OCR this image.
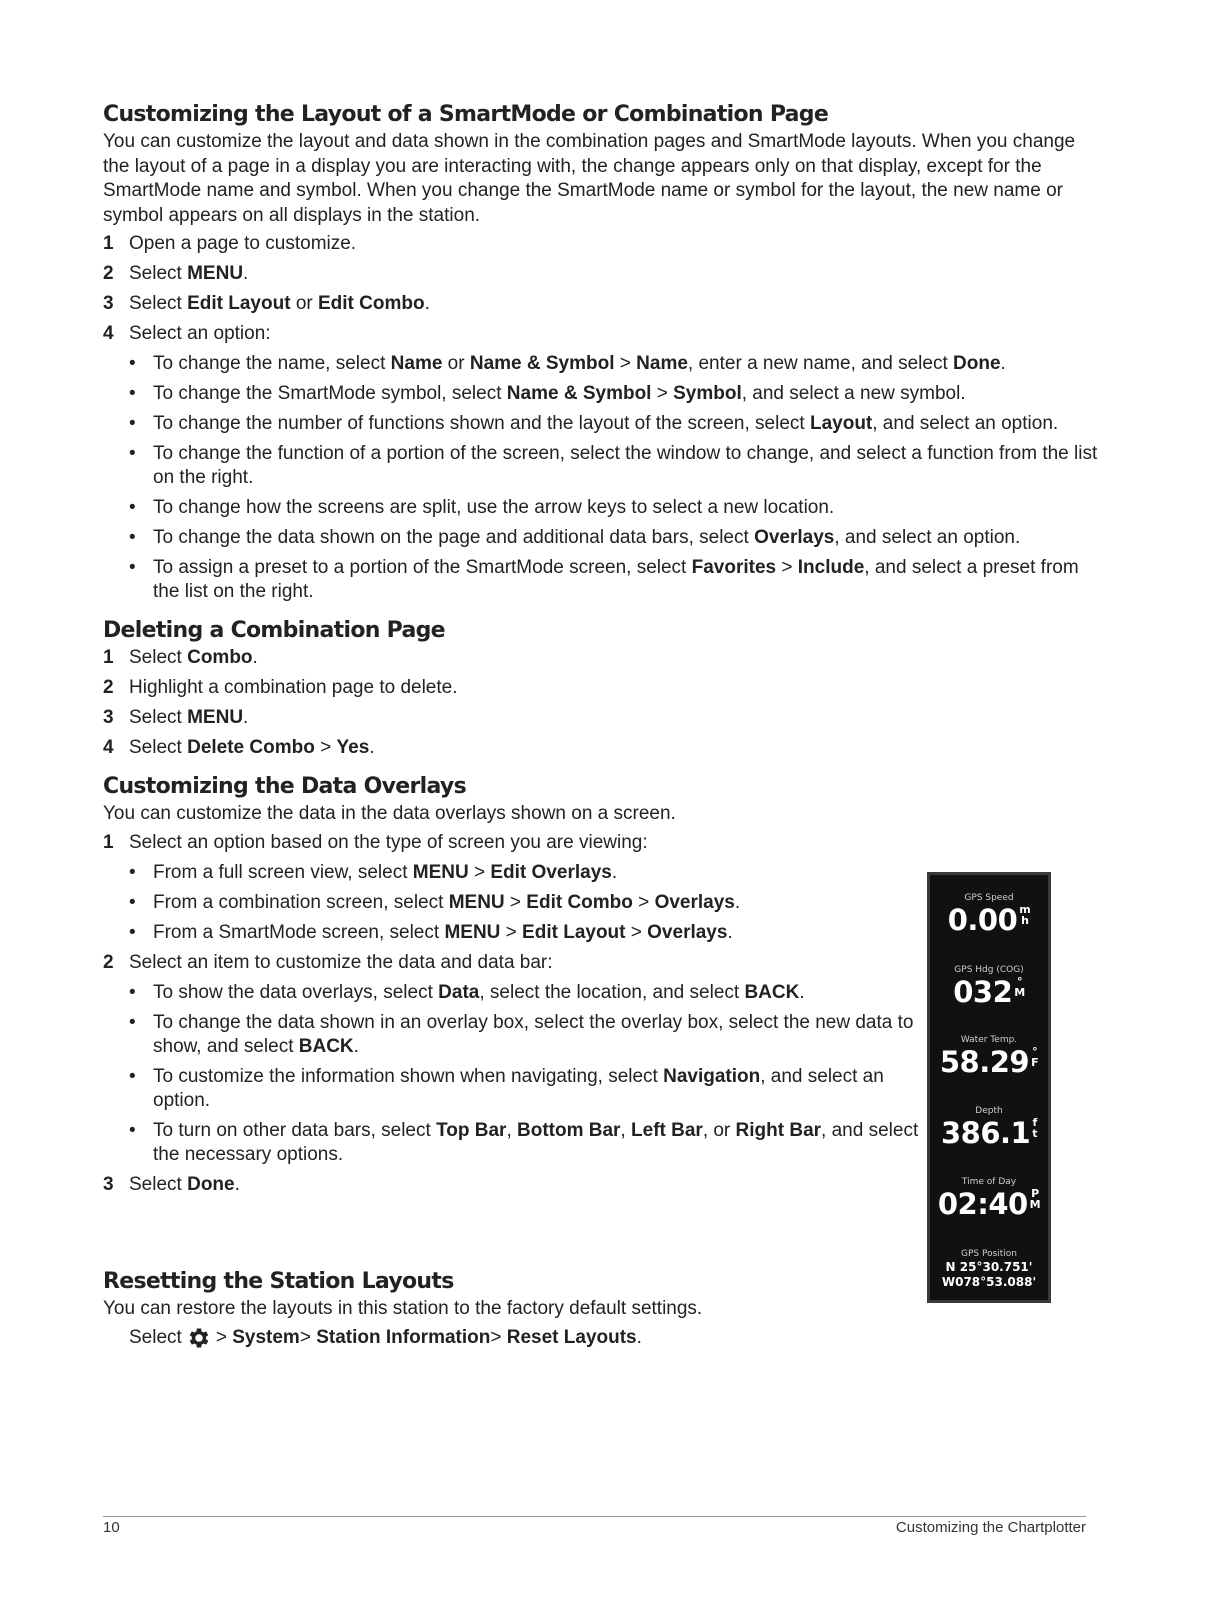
Customizing the Layout of a SmartMode or Combination Page

You can customize the layout and data shown in the combination pages and SmartMode layouts. When you change the layout of a page in a display you are interacting with, the change appears only on that display, except for the SmartMode name and symbol. When you change the SmartMode name or symbol for the layout, the new name or symbol appears on all displays in the station.

1 Open a page to customize.
2 Select MENU.
3 Select Edit Layout or Edit Combo.
4 Select an option:
• To change the name, select Name or Name & Symbol > Name, enter a new name, and select Done.
• To change the SmartMode symbol, select Name & Symbol > Symbol, and select a new symbol.
• To change the number of functions shown and the layout of the screen, select Layout, and select an option.
• To change the function of a portion of the screen, select the window to change, and select a function from the list on the right.
• To change how the screens are split, use the arrow keys to select a new location.
• To change the data shown on the page and additional data bars, select Overlays, and select an option.
• To assign a preset to a portion of the SmartMode screen, select Favorites > Include, and select a preset from the list on the right.
Deleting a Combination Page
1 Select Combo.
2 Highlight a combination page to delete.
3 Select MENU.
4 Select Delete Combo > Yes.
Customizing the Data Overlays

You can customize the data in the data overlays shown on a screen.

1 Select an option based on the type of screen you are viewing:
• From a full screen view, select MENU > Edit Overlays.
• From a combination screen, select MENU > Edit Combo > Overlays.
• From a SmartMode screen, select MENU > Edit Layout > Overlays.
2 Select an item to customize the data and data bar:
• To show the data overlays, select Data, select the location, and select BACK.
• To change the data shown in an overlay box, select the overlay box, select the new data to show, and select BACK.
• To customize the information shown when navigating, select Navigation, and select an option.
• To turn on other data bars, select Top Bar, Bottom Bar, Left Bar, or Right Bar, and select the necessary options.
3 Select Done.
Resetting the Station Layouts

You can restore the layouts in this station to the factory default settings.

Select >
System >
Station Information >
Reset Layouts .
GPS Speed
0.00 m
h
GPS Hdg (COG)
032 °
M
Water Temp.
58.29 °
F
Depth
386.1 f
t
Time of Day
02:40 P
M
GPS Position
N 25°30.751'
W078°53.088'
10	Customizing the Chartplotter
